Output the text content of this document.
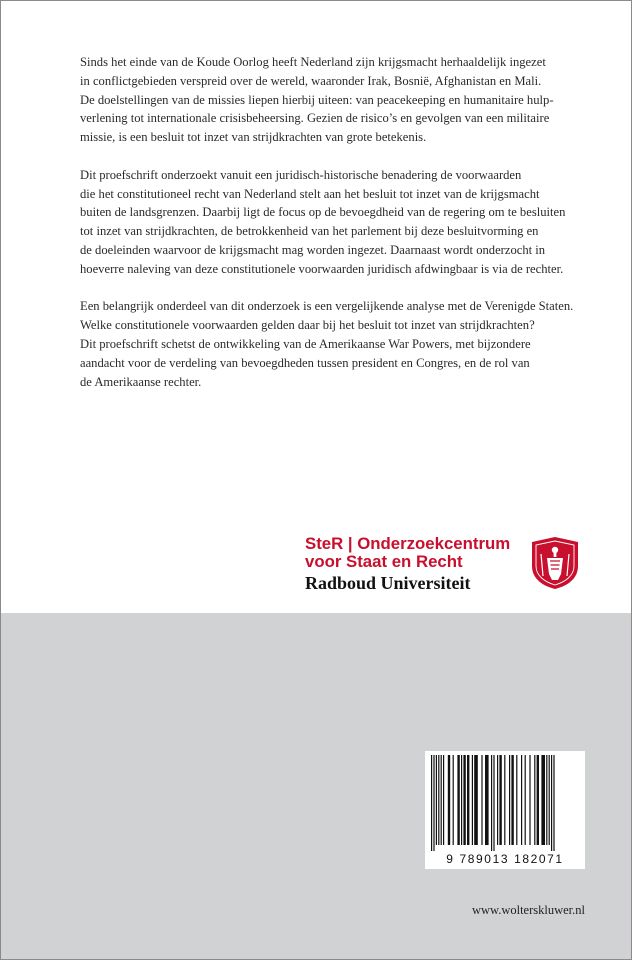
Sinds het einde van de Koude Oorlog heeft Nederland zijn krijgsmacht herhaaldelijk ingezet
in conflictgebieden verspreid over de wereld, waaronder Irak, Bosnië, Afghanistan en Mali.
De doelstellingen van de missies liepen hierbij uiteen: van peacekeeping en humanitaire hulp-
verlening tot internationale crisisbeheersing. Gezien de risico’s en gevolgen van een militaire
missie, is een besluit tot inzet van strijdkrachten van grote betekenis.

Dit proefschrift onderzoekt vanuit een juridisch-historische benadering de voorwaarden
die het constitutioneel recht van Nederland stelt aan het besluit tot inzet van de krijgsmacht
buiten de landsgrenzen. Daarbij ligt de focus op de bevoegdheid van de regering om te besluiten
tot inzet van strijdkrachten, de betrokkenheid van het parlement bij deze besluitvorming en
de doeleinden waarvoor de krijgsmacht mag worden ingezet. Daarnaast wordt onderzocht in
hoeverre naleving van deze constitutionele voorwaarden juridisch afdwingbaar is via de rechter.

Een belangrijk onderdeel van dit onderzoek is een vergelijkende analyse met de Verenigde Staten.
Welke constitutionele voorwaarden gelden daar bij het besluit tot inzet van strijdkrachten?
Dit proefschrift schetst de ontwikkeling van de Amerikaanse War Powers, met bijzondere
aandacht voor de verdeling van bevoegdheden tussen president en Congres, en de rol van
de Amerikaanse rechter.

SteR | Onderzoekcentrum
voor Staat en Recht
Radboud Universiteit
9 789013 182071
www.wolterskluwer.nl
